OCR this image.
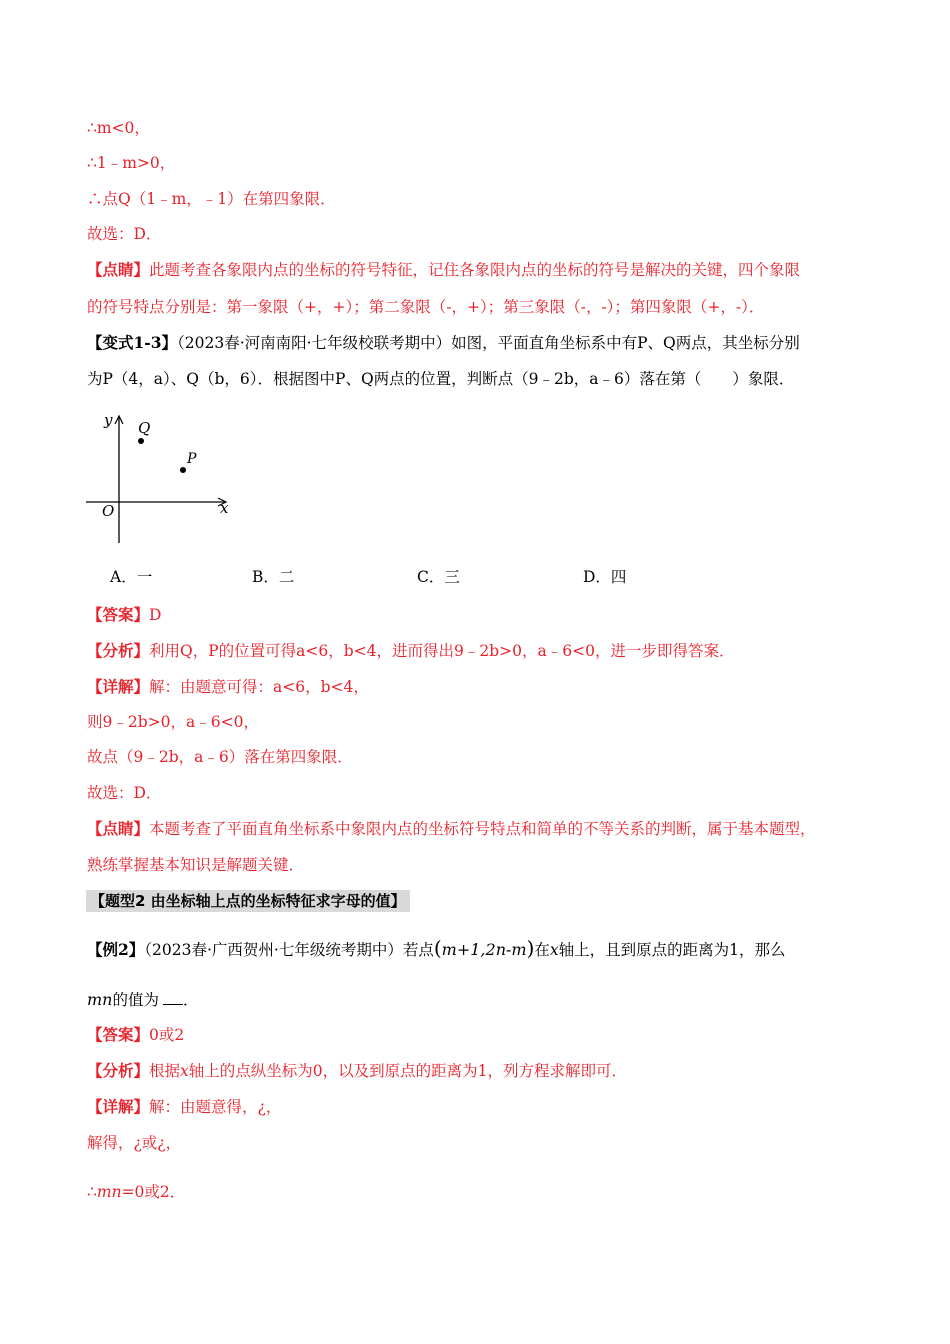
∴m<0，
∴1﹣m>0，
∴点Q（1﹣m，﹣1）在第四象限．
故选：D．
【点睛】此题考查各象限内点的坐标的符号特征，记住各象限内点的坐标的符号是解决的关键，四个象限
的符号特点分别是：第一象限（+，+）；第二象限（-，+）；第三象限（-，-）；第四象限（+，-）．
【变式1-3】（2023春·河南南阳·七年级校联考期中）如图，平面直角坐标系中有P、Q两点，其坐标分别
为P（4，a）、Q（b，6）．根据图中P、Q两点的位置，判断点（9﹣2b，a﹣6）落在第（　　）象限．
y
x
O
Q
P
A．一	B．二	C．三	D．四
【答案】D
【分析】利用Q，P的位置可得a<6，b<4，进而得出9﹣2b>0，a﹣6<0，进一步即得答案．
【详解】解：由题意可得：a<6，b<4，
则9﹣2b>0，a﹣6<0，
故点（9﹣2b，a﹣6）落在第四象限．
故选：D．
【点睛】本题考查了平面直角坐标系中象限内点的坐标符号特点和简单的不等关系的判断，属于基本题型，
熟练掌握基本知识是解题关键．
【题型2 由坐标轴上点的坐标特征求字母的值】
【例2】（2023春·广西贺州·七年级统考期中）若点(m+1,2n-m)在x轴上，且到原点的距离为1，那么
mn的值为 ．
【答案】0或2
【分析】根据x轴上的点纵坐标为0，以及到原点的距离为1，列方程求解即可．
【详解】解：由题意得，¿，
解得，¿或¿，
∴mn=0或2．
